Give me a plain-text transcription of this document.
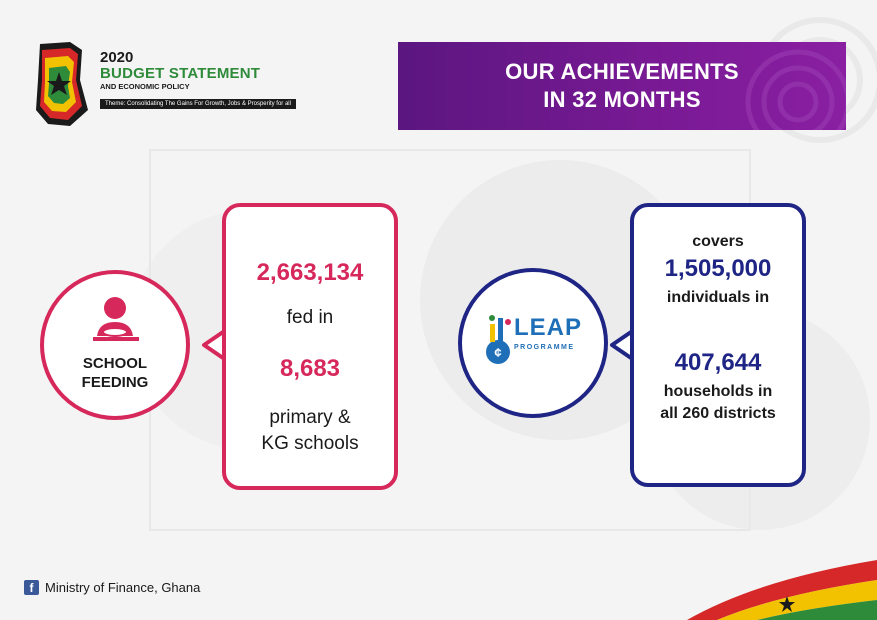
2020
BUDGET STATEMENT
AND ECONOMIC POLICY
Theme: Consolidating The Gains For Growth, Jobs & Prosperity for all
OUR ACHIEVEMENTS
IN 32 MONTHS
SCHOOL
FEEDING
2,663,134
fed in
8,683
primary &
KG schools
¢
LEAP
PROGRAMME
covers
1,505,000
individuals in
407,644
households in
all 260 districts
f Ministry of Finance, Ghana
